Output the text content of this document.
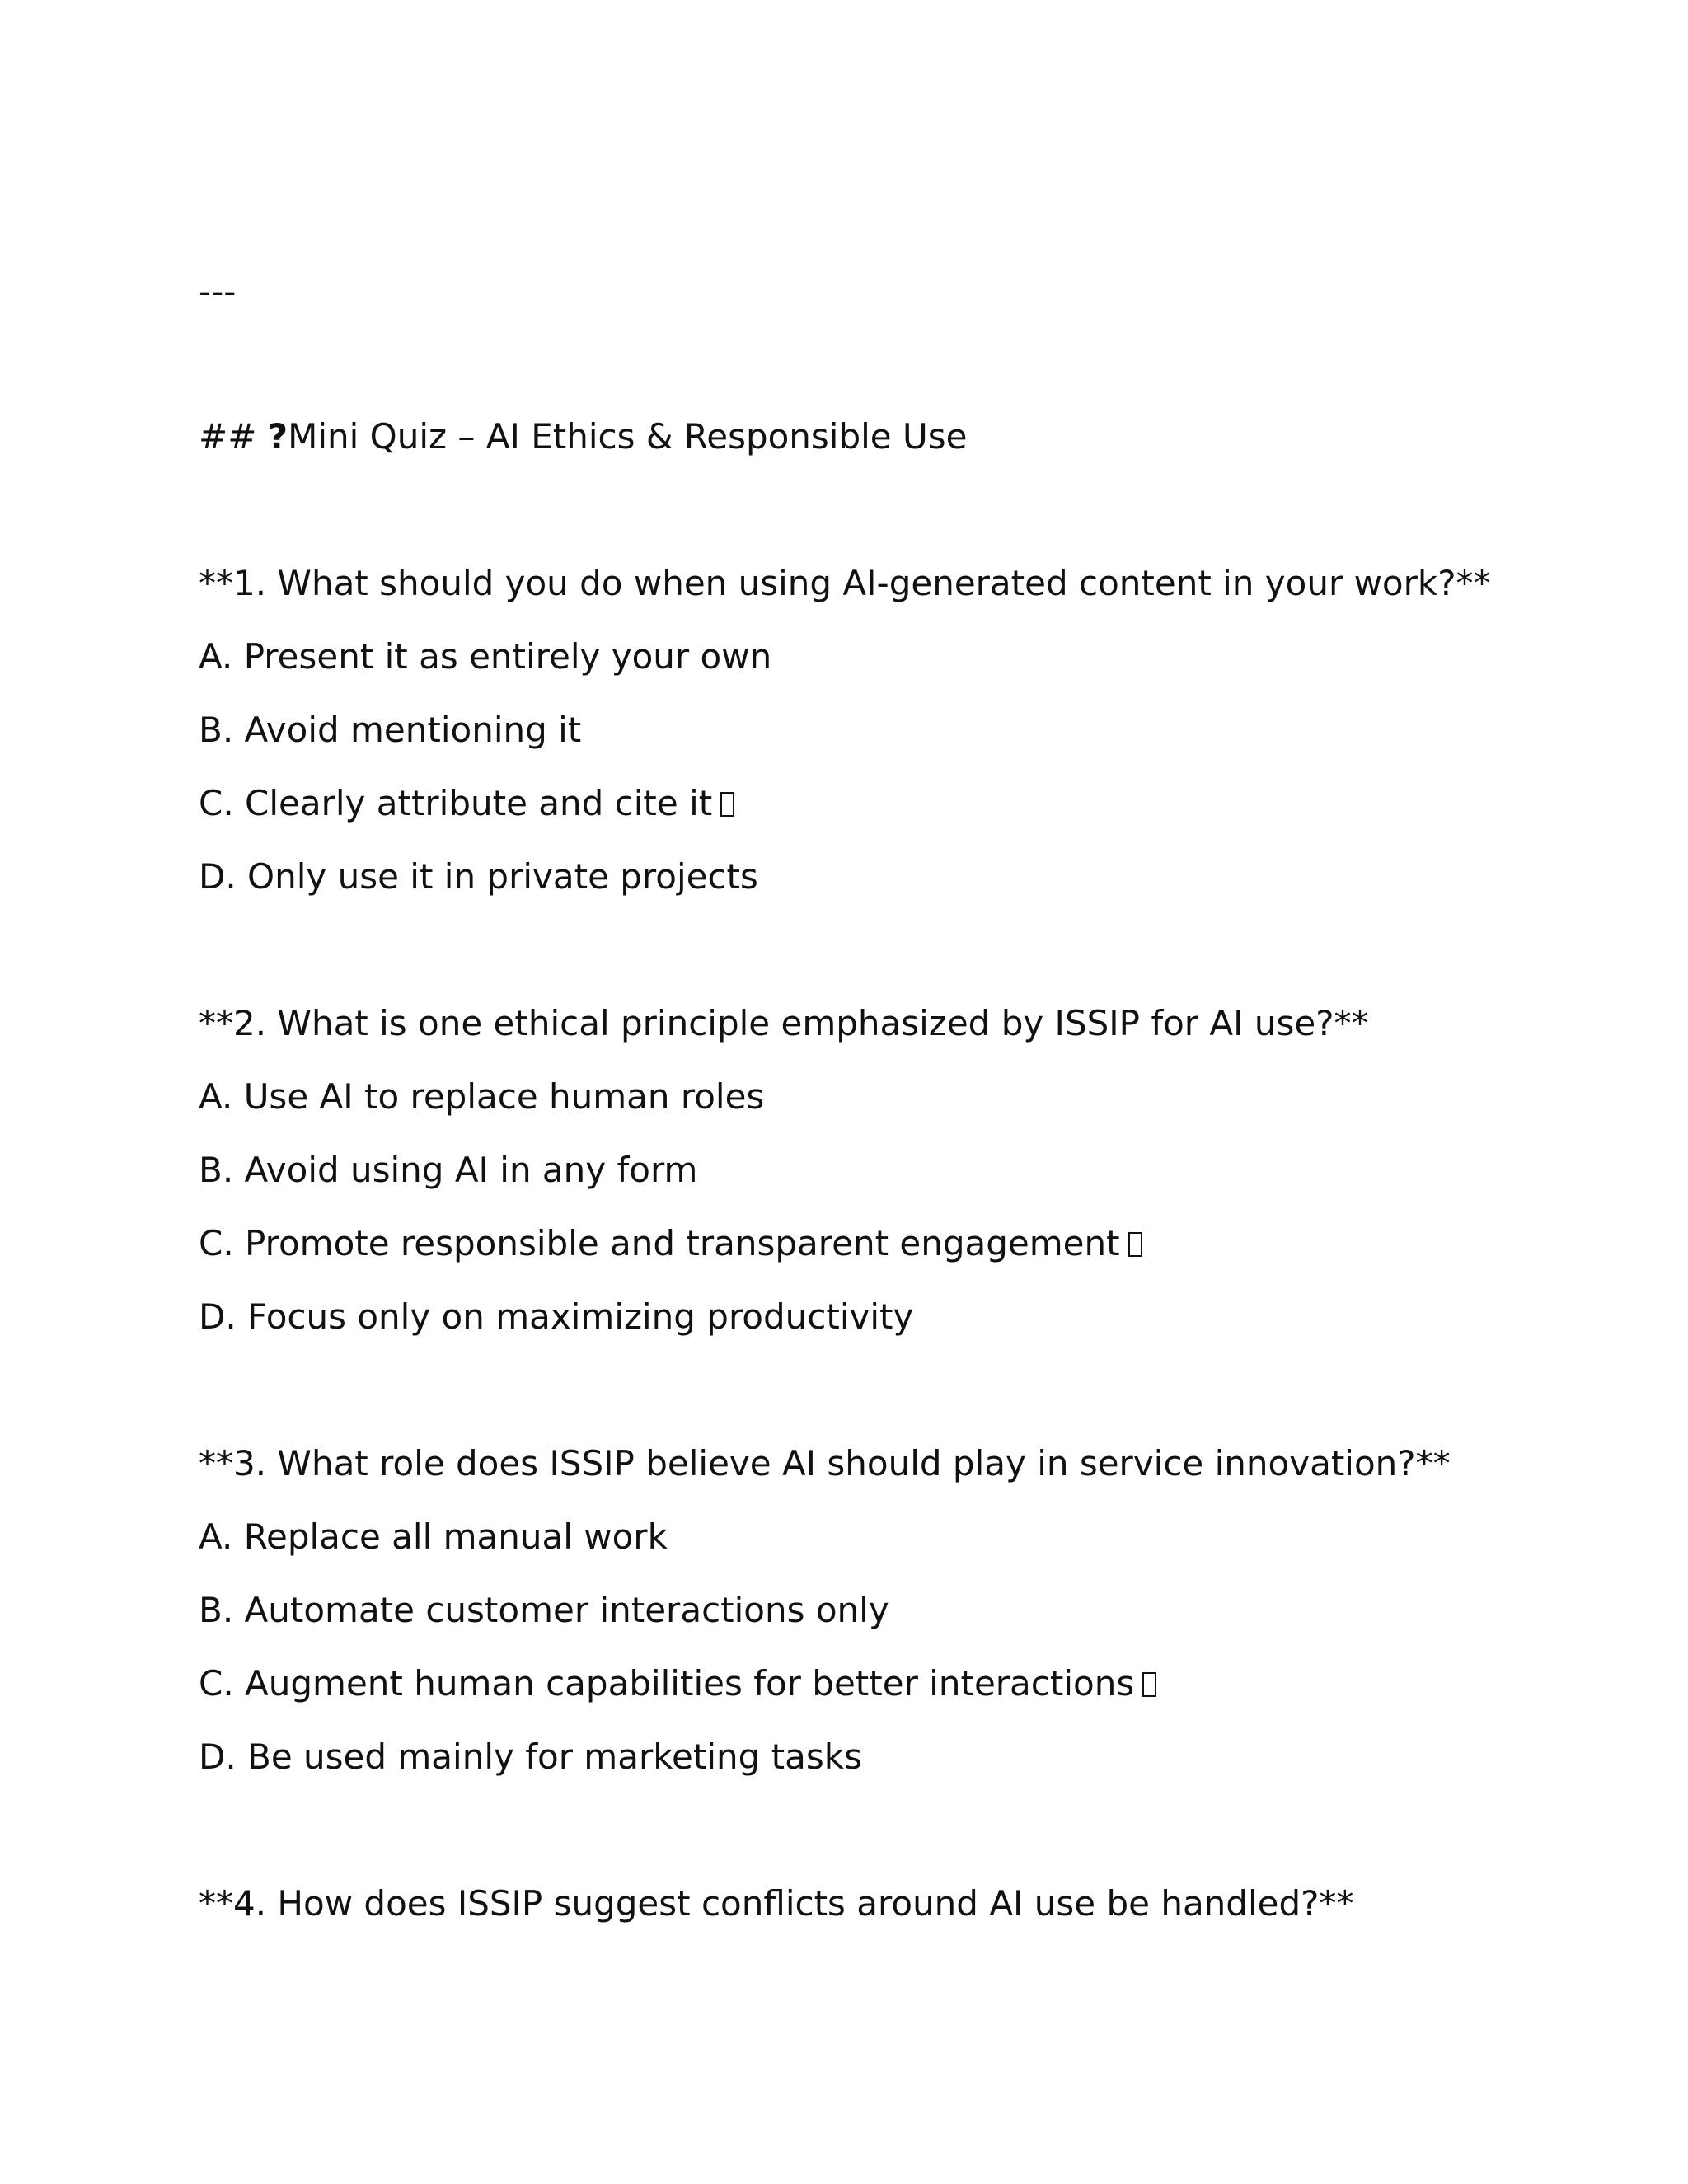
---
## ?Mini Quiz – AI Ethics & Responsible Use
**1. What should you do when using AI-generated content in your work?**
A. Present it as entirely your own
B. Avoid mentioning it
C. Clearly attribute and cite it
D. Only use it in private projects
**2. What is one ethical principle emphasized by ISSIP for AI use?**
A. Use AI to replace human roles
B. Avoid using AI in any form
C. Promote responsible and transparent engagement
D. Focus only on maximizing productivity
**3. What role does ISSIP believe AI should play in service innovation?**
A. Replace all manual work
B. Automate customer interactions only
C. Augment human capabilities for better interactions
D. Be used mainly for marketing tasks
**4. How does ISSIP suggest conflicts around AI use be handled?**
